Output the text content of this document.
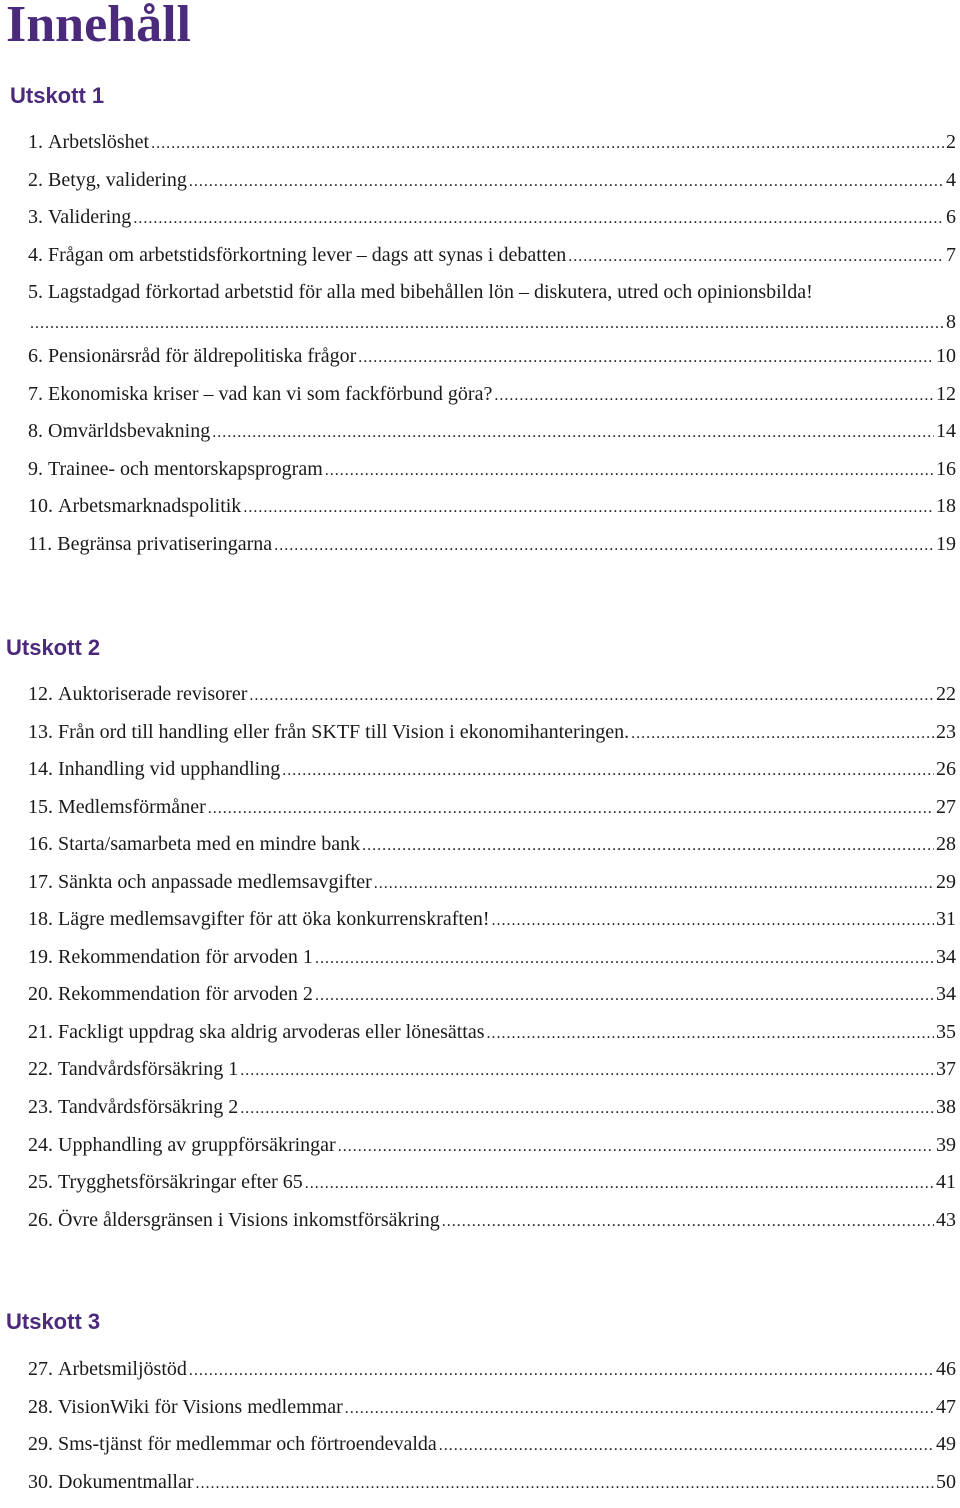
Innehåll
Utskott 1
1.
Arbetslöshet .....	2
2.
Betyg, validering .....	4
3.
Validering .....	6
4.
Frågan om arbetstidsförkortning lever – dags att synas i debatten .....	7
5.
Lagstadgad förkortad arbetstid för alla med bibehållen lön – diskutera, utred och opinionsbilda!
.....
8
6.
Pensionärsråd för äldrepolitiska frågor .....	10
7.
Ekonomiska kriser – vad kan vi som fackförbund göra? .....	12
8.
Omvärldsbevakning .....	14
9.
Trainee- och mentorskapsprogram .....	16
10.
Arbetsmarknadspolitik .....	18
11.
Begränsa privatiseringarna .....	19
Utskott 2
12.
Auktoriserade revisorer .....	22
13.
Från ord till handling eller från SKTF till Vision i ekonomihanteringen. .....	23
14.
Inhandling vid upphandling .....	26
15.
Medlemsförmåner .....	27
16.
Starta/samarbeta med en mindre bank .....	28
17.
Sänkta och anpassade medlemsavgifter .....	29
18.
Lägre medlemsavgifter för att öka konkurrenskraften! .....	31
19.
Rekommendation för arvoden 1 .....	34
20.
Rekommendation för arvoden 2 .....	34
21.
Fackligt uppdrag ska aldrig arvoderas eller lönesättas .....	35
22.
Tandvårdsförsäkring 1 .....	37
23.
Tandvårdsförsäkring 2 .....	38
24.
Upphandling av gruppförsäkringar .....	39
25.
Trygghetsförsäkringar efter 65 .....	41
26.
Övre åldersgränsen i Visions inkomstförsäkring .....	43
Utskott 3
27.
Arbetsmiljöstöd .....	46
28.
VisionWiki för Visions medlemmar .....	47
29.
Sms-tjänst för medlemmar och förtroendevalda .....	49
30.
Dokumentmallar .....	50
